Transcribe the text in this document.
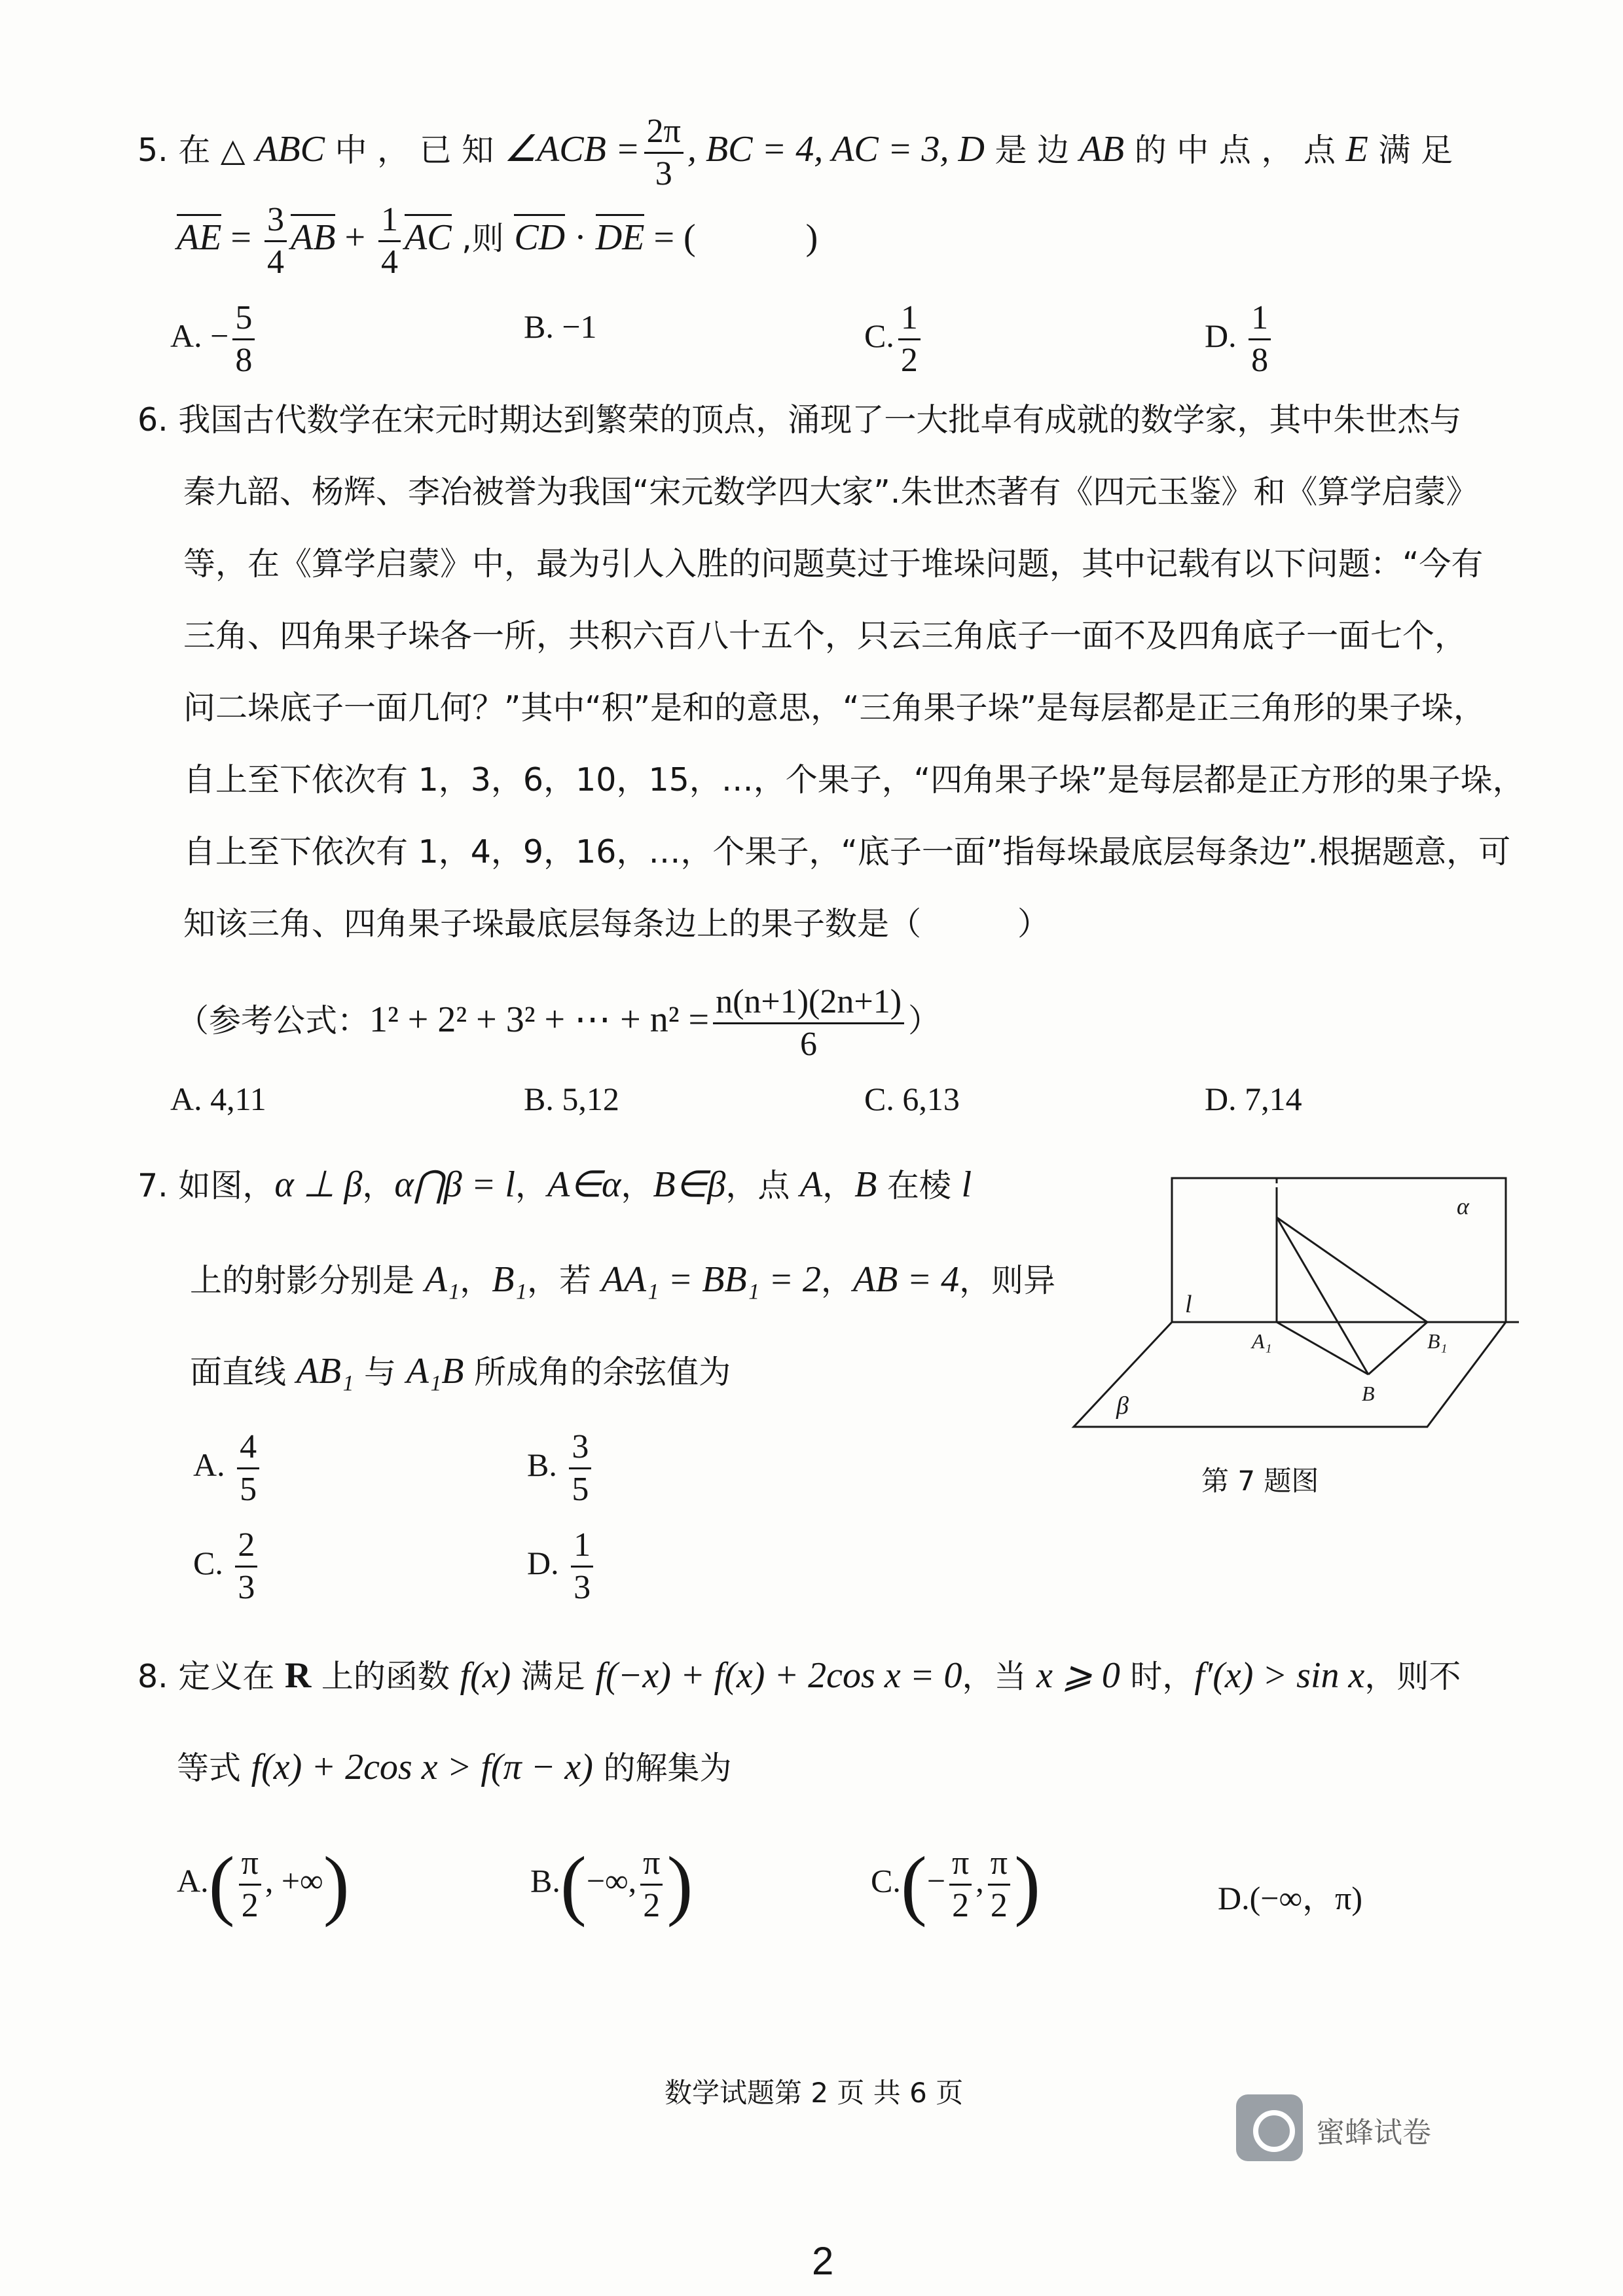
5. 在 △ ABC 中 ， 已 知 ∠ACB = $\frac{2\pi}{3}$ , BC = 4, AC = 3, D 是 边 AB 的 中 点 ， 点 E 满 足
AE = $\frac{3}{4}$ AB + $\frac{1}{4}$ AC ,则 CD · DE = (　　　)
A. − $\frac{5}{8}$	B. −1	C. $\frac{1}{2}$	D. $\frac{1}{8}$
6. 我国古代数学在宋元时期达到繁荣的顶点，涌现了一大批卓有成就的数学家，其中朱世杰与
秦九韶、杨辉、李冶被誉为我国“宋元数学四大家”.朱世杰著有《四元玉鉴》和《算学启蒙》
等，在《算学启蒙》中，最为引人入胜的问题莫过于堆垛问题，其中记载有以下问题：“今有
三角、四角果子垛各一所，共积六百八十五个，只云三角底子一面不及四角底子一面七个，
问二垛底子一面几何？”其中“积”是和的意思，“三角果子垛”是每层都是正三角形的果子垛，
自上至下依次有 1，3，6，10，15，…，个果子，“四角果子垛”是每层都是正方形的果子垛，
自上至下依次有 1，4，9，16，…，个果子，“底子一面”指每垛最底层每条边”.根据题意，可
知该三角、四角果子垛最底层每条边上的果子数是（　　　）
（参考公式：1² + 2² + 3² + ⋯ + $n^2 = \frac{n(n+1)(2n+1)}{6}$ ）
A. 4,11	B. 5,12	C. 6,13	D. 7,14
7. 如图，α ⊥ β，α⋂β = l，A∈α，B∈β，点 A，B 在棱 l
上的射影分别是 A₁，B₁，若 AA₁ = BB₁ = 2，AB = 4，则异
面直线 AB₁ 与 A₁B 所成角的余弦值为
A. $\frac{4}{5}$	B. $\frac{3}{5}$
C. $\frac{2}{3}$	D. $\frac{1}{3}$
α
l
A₁	B₁
B
β
第 7 题图
8. 定义在 R 上的函数 f(x) 满足 f(−x) + f(x) + 2cos x = 0，当 x ⩾ 0 时，f′(x) > sin x，则不
等式 f(x) + 2cos x > f(π − x) 的解集为
$A.( \frac{\pi}{2}$ , +∞)	B.(−∞, $\frac{\pi}{2}$ )	$C.(- \frac{\pi}{2}$ , $\frac{\pi}{2}$ )	D.(−∞，π)
数学试题第 2 页 共 6 页
蜜蜂试卷
2
